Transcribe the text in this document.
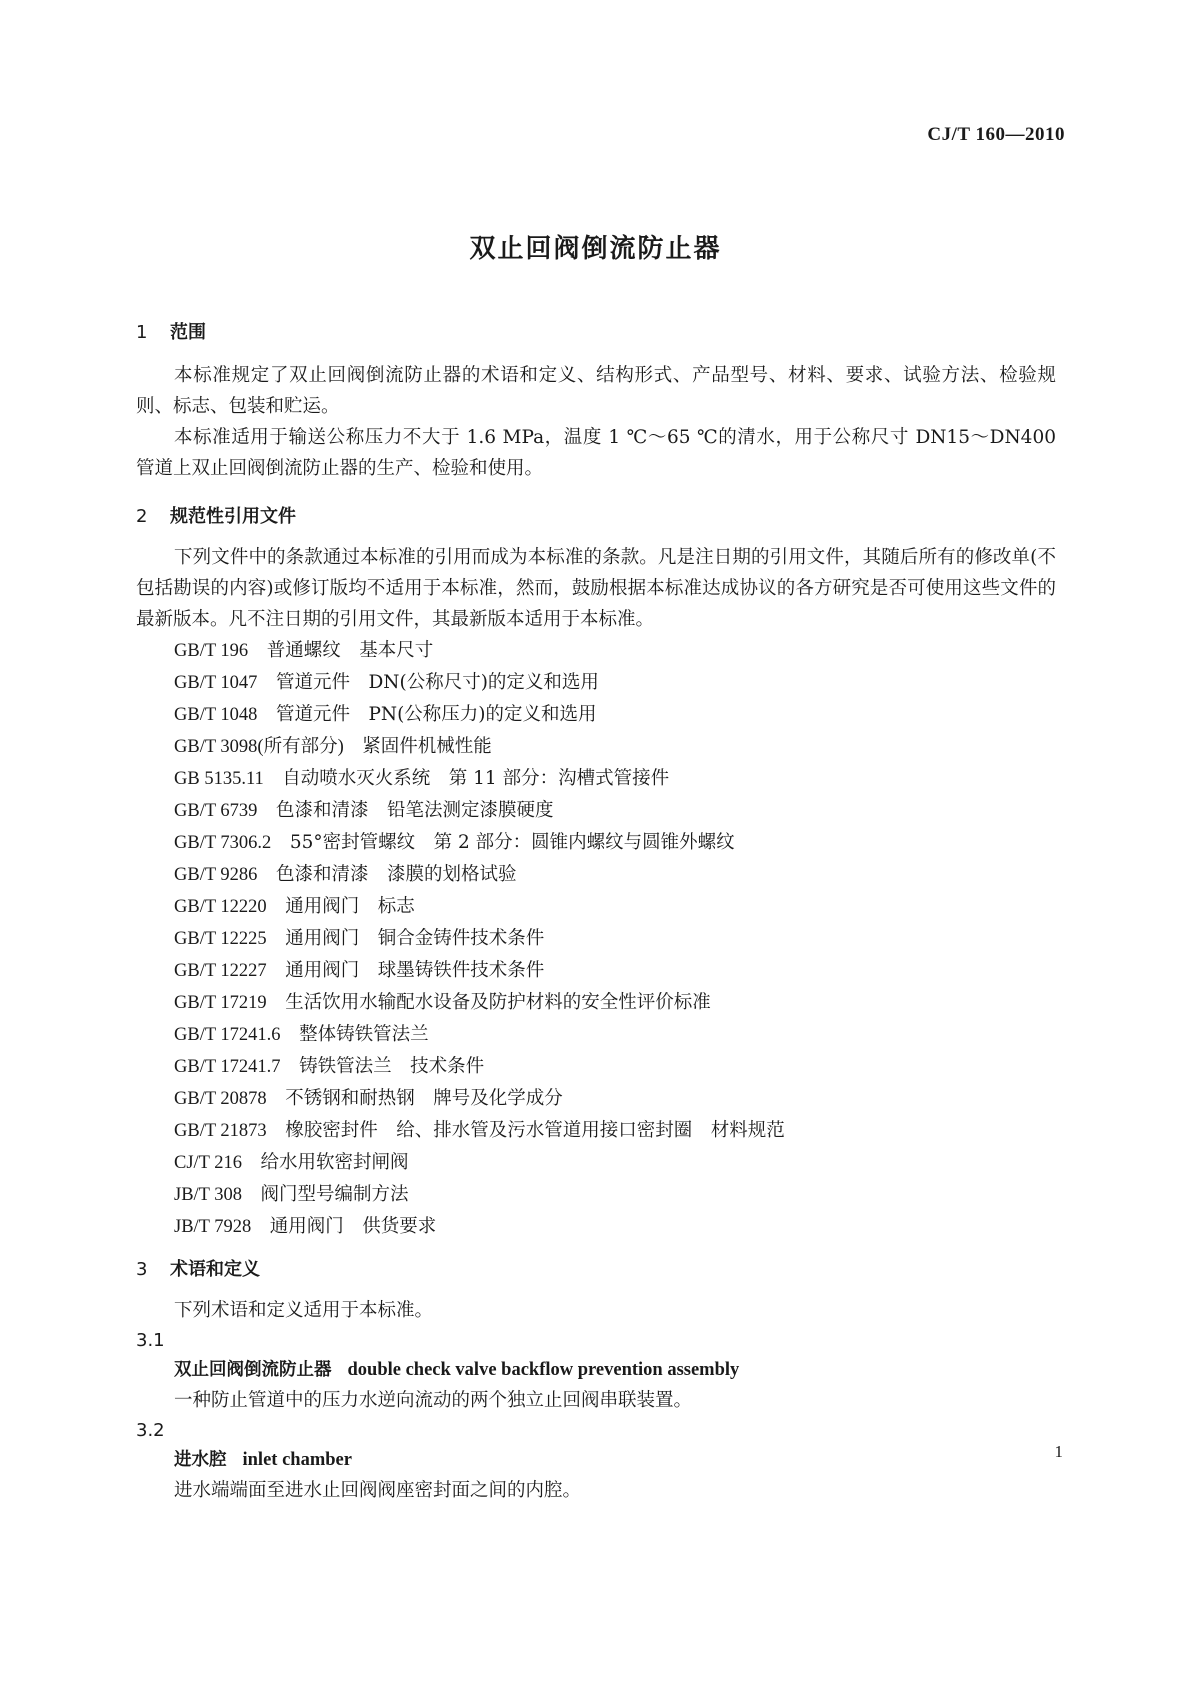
CJ/T 160—2010
双止回阀倒流防止器
1 范围

本标准规定了双止回阀倒流防止器的术语和定义、结构形式、产品型号、材料、要求、试验方法、检验规则、标志、包装和贮运。

本标准适用于输送公称压力不大于 1.6 MPa，温度 1 ℃～65 ℃的清水，用于公称尺寸 DN15～DN400 管道上双止回阀倒流防止器的生产、检验和使用。

2 规范性引用文件

下列文件中的条款通过本标准的引用而成为本标准的条款。凡是注日期的引用文件，其随后所有的修改单(不包括勘误的内容)或修订版均不适用于本标准，然而，鼓励根据本标准达成协议的各方研究是否可使用这些文件的最新版本。凡不注日期的引用文件，其最新版本适用于本标准。

GB/T 196　 普通螺纹　基本尺寸
GB/T 1047　 管道元件　DN(公称尺寸)的定义和选用
GB/T 1048　 管道元件　PN(公称压力)的定义和选用
GB/T 3098(所有部分)　 紧固件机械性能
GB 5135.11　 自动喷水灭火系统　第 11 部分：沟槽式管接件
GB/T 6739　 色漆和清漆　铅笔法测定漆膜硬度
GB/T 7306.2　 55°密封管螺纹　第 2 部分：圆锥内螺纹与圆锥外螺纹
GB/T 9286　 色漆和清漆　漆膜的划格试验
GB/T 12220　 通用阀门　标志
GB/T 12225　 通用阀门　铜合金铸件技术条件
GB/T 12227　 通用阀门　球墨铸铁件技术条件
GB/T 17219　 生活饮用水输配水设备及防护材料的安全性评价标准
GB/T 17241.6　 整体铸铁管法兰
GB/T 17241.7　 铸铁管法兰　技术条件
GB/T 20878　 不锈钢和耐热钢　牌号及化学成分
GB/T 21873　 橡胶密封件　给、排水管及污水管道用接口密封圈　材料规范
CJ/T 216　 给水用软密封闸阀
JB/T 308　 阀门型号编制方法
JB/T 7928　 通用阀门　供货要求
3 术语和定义
下列术语和定义适用于本标准。
3.1
双止回阀倒流防止器 double check valve backflow prevention assembly
一种防止管道中的压力水逆向流动的两个独立止回阀串联装置。
3.2
进水腔 inlet chamber
进水端端面至进水止回阀阀座密封面之间的内腔。
1
